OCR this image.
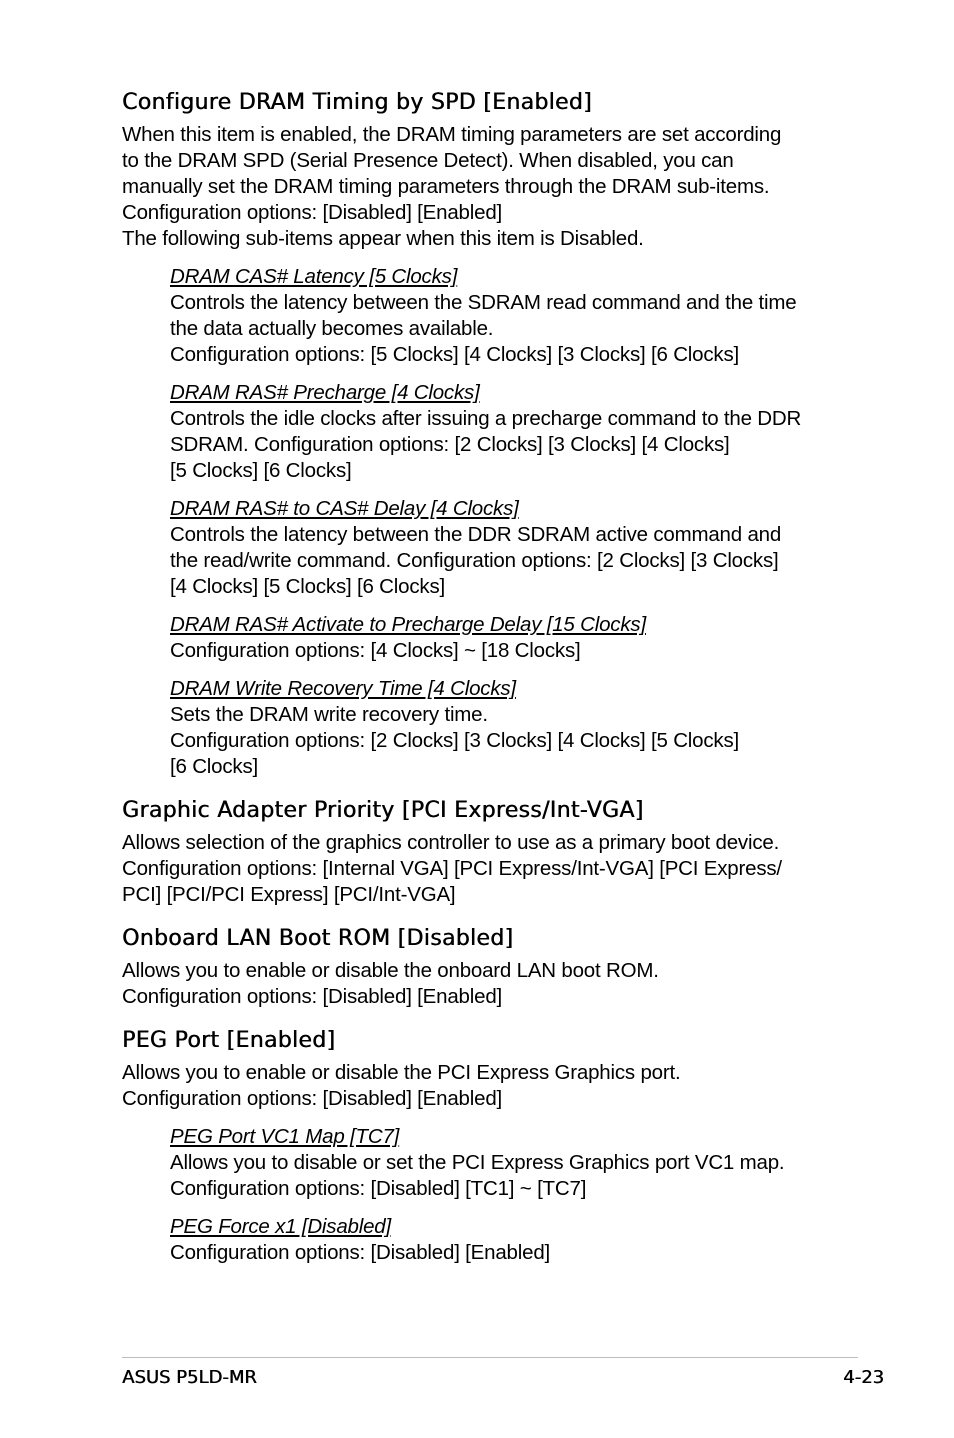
Configure DRAM Timing by SPD [Enabled]
When this item is enabled, the DRAM timing parameters are set according
to the DRAM SPD (Serial Presence Detect). When disabled, you can
manually set the DRAM timing parameters through the DRAM sub-items.
Configuration options: [Disabled] [Enabled]
The following sub-items appear when this item is Disabled.
DRAM CAS# Latency [5 Clocks]
Controls the latency between the SDRAM read command and the time
the data actually becomes available.
Configuration options: [5 Clocks] [4 Clocks] [3 Clocks] [6 Clocks]
DRAM RAS# Precharge [4 Clocks]
Controls the idle clocks after issuing a precharge command to the DDR
SDRAM. Configuration options: [2 Clocks] [3 Clocks] [4 Clocks]
[5 Clocks] [6 Clocks]
DRAM RAS# to CAS# Delay [4 Clocks]
Controls the latency between the DDR SDRAM active command and
the read/write command. Configuration options: [2 Clocks] [3 Clocks]
[4 Clocks] [5 Clocks] [6 Clocks]
DRAM RAS# Activate to Precharge Delay [15 Clocks]
Configuration options: [4 Clocks] ~ [18 Clocks]
DRAM Write Recovery Time [4 Clocks]
Sets the DRAM write recovery time.
Configuration options: [2 Clocks] [3 Clocks] [4 Clocks] [5 Clocks]
[6 Clocks]
Graphic Adapter Priority [PCI Express/Int-VGA]
Allows selection of the graphics controller to use as a primary boot device.
Configuration options: [Internal VGA] [PCI Express/Int-VGA] [PCI Express/
PCI] [PCI/PCI Express] [PCI/Int-VGA]
Onboard LAN Boot ROM [Disabled]
Allows you to enable or disable the onboard LAN boot ROM.
Configuration options: [Disabled] [Enabled]
PEG Port [Enabled]
Allows you to enable or disable the PCI Express Graphics port.
Configuration options: [Disabled] [Enabled]
PEG Port VC1 Map [TC7]
Allows you to disable or set the PCI Express Graphics port VC1 map.
Configuration options: [Disabled] [TC1] ~ [TC7]
PEG Force x1 [Disabled]
Configuration options: [Disabled] [Enabled]
ASUS P5LD-MR	4-23
